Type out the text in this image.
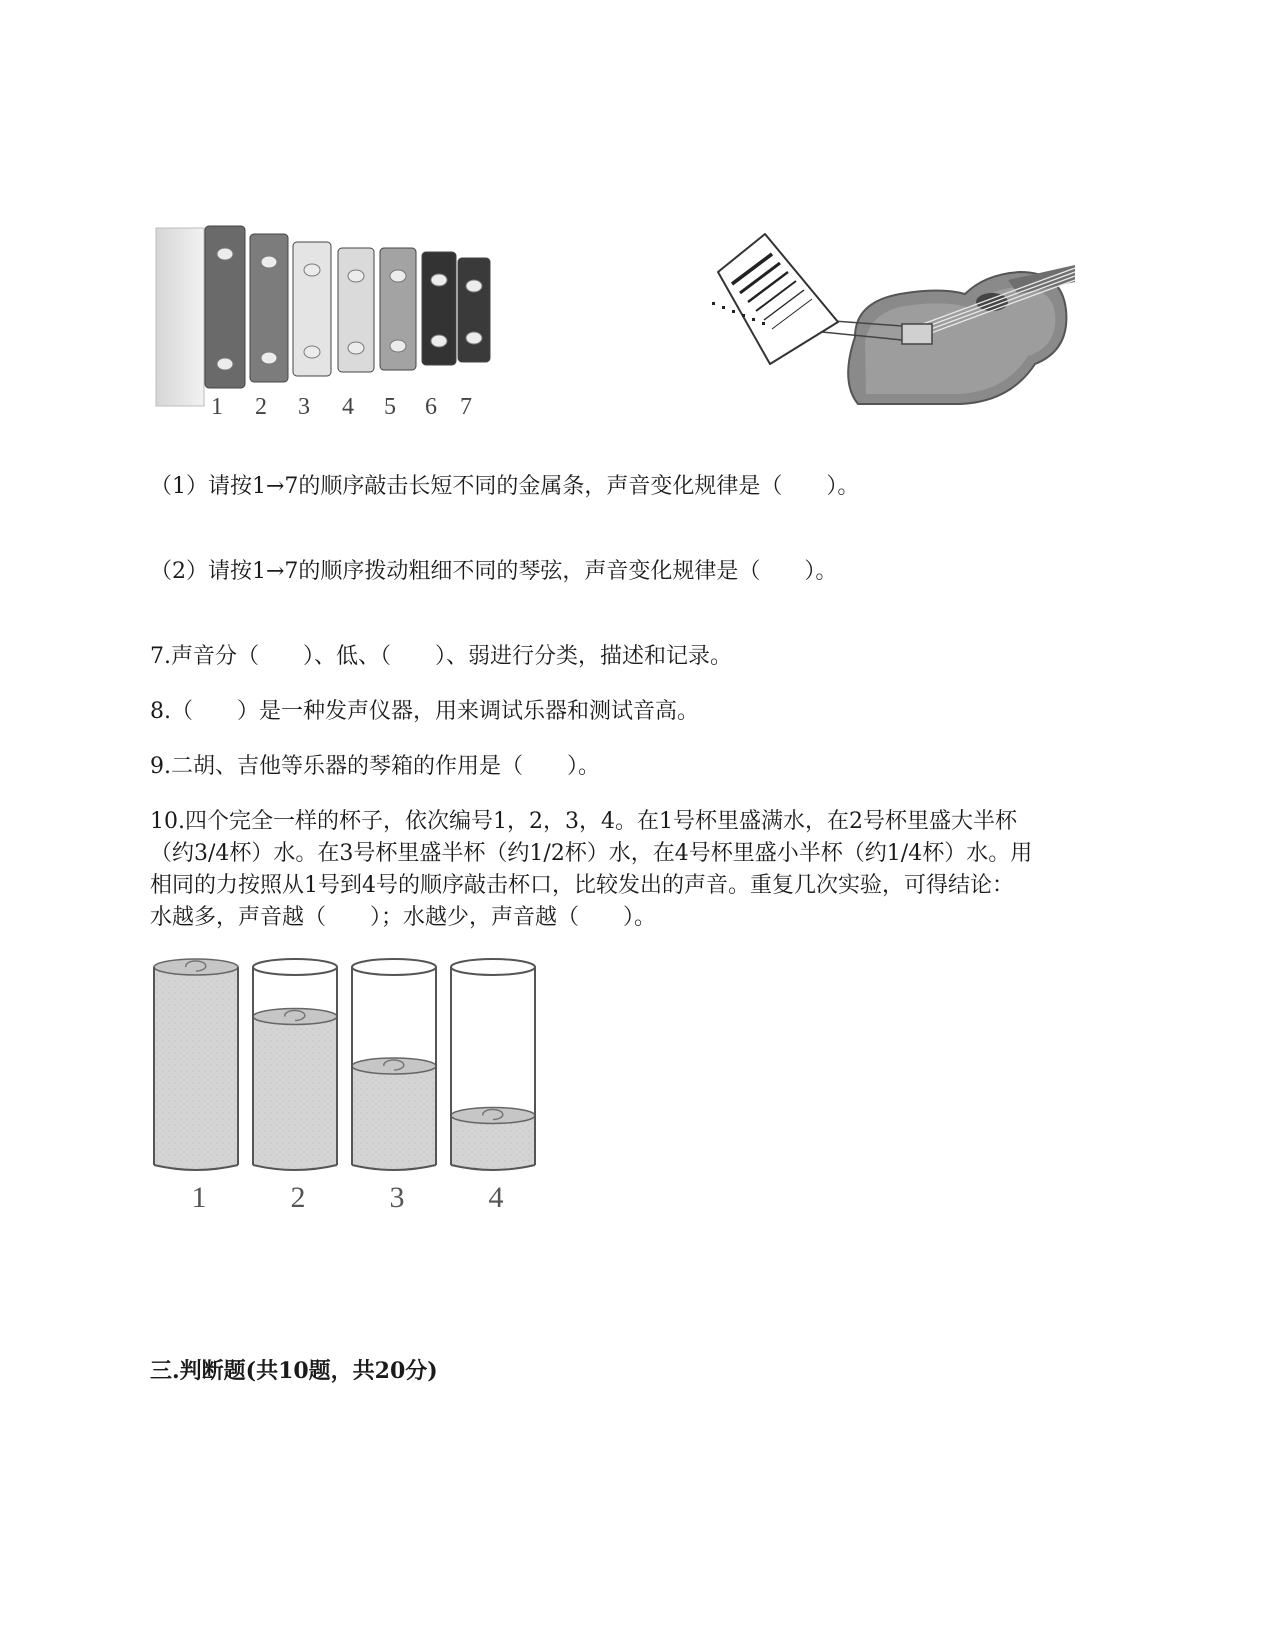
1 2 3 4 5 6 7
（1）请按1→7的顺序敲击长短不同的金属条，声音变化规律是（　　）。
（2）请按1→7的顺序拨动粗细不同的琴弦，声音变化规律是（　　）。
7.声音分（　　）、低、（　　）、弱进行分类，描述和记录。
8.（　　）是一种发声仪器，用来调试乐器和测试音高。
9.二胡、吉他等乐器的琴箱的作用是（　　）。
10.四个完全一样的杯子，依次编号1，2，3，4。在1号杯里盛满水，在2号杯里盛大半杯
（约3/4杯）水。在3号杯里盛半杯（约1/2杯）水，在4号杯里盛小半杯（约1/4杯）水。用
相同的力按照从1号到4号的顺序敲击杯口，比较发出的声音。重复几次实验，可得结论：
水越多，声音越（　　）；水越少，声音越（　　）。
1	2	3	4
三.判断题(共10题，共20分)
